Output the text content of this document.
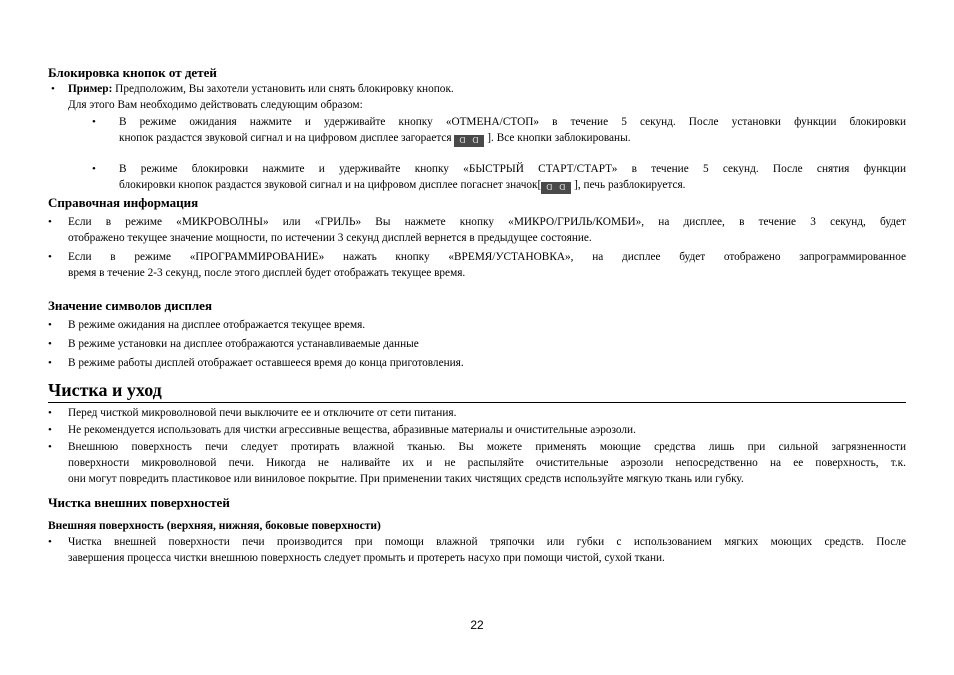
Блокировка кнопок от детей
• Пример: Предположим, Вы захотели установить или снять блокировку кнопок.
Для этого Вам необходимо действовать следующим образом:
• В режиме ожидания нажмите и удерживайте кнопку «ОТМЕНА/СТОП» в течение 5 секунд. После установки функции блокировки
кнопок раздастся звуковой сигнал и на цифровом дисплее загорается ᗡ ᗡ ]. Все кнопки заблокированы.
• В режиме блокировки нажмите и удерживайте кнопку «БЫСТРЫЙ СТАРТ/СТАРТ» в течение 5 секунд. После снятия функции
блокировки кнопок раздастся звуковой сигнал и на цифровом дисплее погаснет значок[ ᗡ ᗡ ], печь разблокируется.
Справочная информация
• Если в режиме «МИКРОВОЛНЫ» или «ГРИЛЬ» Вы нажмете кнопку «МИКРО/ГРИЛЬ/КОМБИ», на дисплее, в течение 3 секунд, будет
отображено текущее значение мощности, по истечении 3 секунд дисплей вернется в предыдущее состояние.
• Если в режиме «ПРОГРАММИРОВАНИЕ» нажать кнопку «ВРЕМЯ/УСТАНОВКА», на дисплее будет отображено запрограммированное
время в течение 2-3 секунд, после этого дисплей будет отображать текущее время.
Значение символов дисплея
• В режиме ожидания на дисплее отображается текущее время.
• В режиме установки на дисплее отображаются устанавливаемые данные
• В режиме работы дисплей отображает оставшееся время до конца приготовления.
Чистка и уход
• Перед чисткой микроволновой печи выключите ее и отключите от сети питания.
• Не рекомендуется использовать для чистки агрессивные вещества, абразивные материалы и очистительные аэрозоли.
• Внешнюю поверхность печи следует протирать влажной тканью. Вы можете применять моющие средства лишь при сильной загрязненности
поверхности микроволновой печи. Никогда не наливайте их и не распыляйте очистительные аэрозоли непосредственно на ее поверхность, т.к.
они могут повредить пластиковое или виниловое покрытие. При применении таких чистящих средств используйте мягкую ткань или губку.
Чистка внешних поверхностей
Внешняя поверхность (верхняя, нижняя, боковые поверхности)
• Чистка внешней поверхности печи производится при помощи влажной тряпочки или губки с использованием мягких моющих средств. После
завершения процесса чистки внешнюю поверхность следует промыть и протереть насухо при помощи чистой, сухой ткани.
22
